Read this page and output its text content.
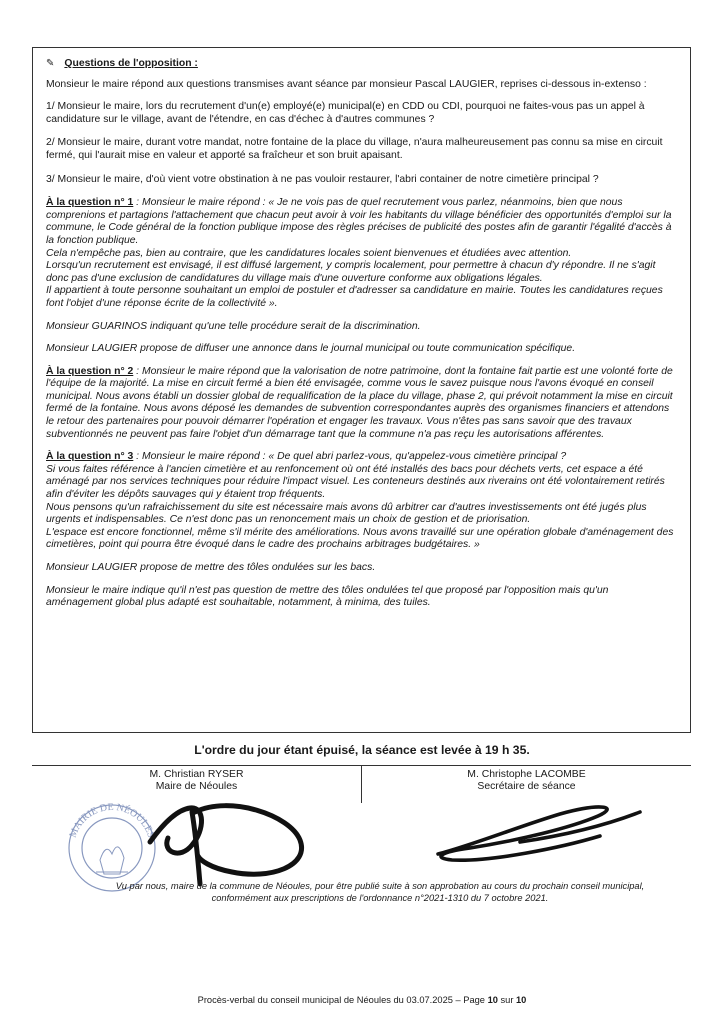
✎ Questions de l'opposition :

Monsieur le maire répond aux questions transmises avant séance par monsieur Pascal LAUGIER, reprises ci-dessous in-extenso :

1/ Monsieur le maire, lors du recrutement d'un(e) employé(e) municipal(e) en CDD ou CDI, pourquoi ne faites-vous pas un appel à candidature sur le village, avant de l'étendre, en cas d'échec à d'autres communes ?

2/ Monsieur le maire, durant votre mandat, notre fontaine de la place du village, n'aura malheureusement pas connu sa mise en circuit fermé, qui l'aurait mise en valeur et apporté sa fraîcheur et son bruit apaisant.

3/ Monsieur le maire, d'où vient votre obstination à ne pas vouloir restaurer, l'abri container de notre cimetière principal ?

À la question n° 1 : Monsieur le maire répond : « Je ne vois pas de quel recrutement vous parlez, néanmoins, bien que nous comprenions et partagions l'attachement que chacun peut avoir à voir les habitants du village bénéficier des opportunités d'emploi sur la commune, le Code général de la fonction publique impose des règles précises de publicité des postes afin de garantir l'égalité d'accès à la fonction publique.

Cela n'empêche pas, bien au contraire, que les candidatures locales soient bienvenues et étudiées avec attention.

Lorsqu'un recrutement est envisagé, il est diffusé largement, y compris localement, pour permettre à chacun d'y répondre. Il ne s'agit donc pas d'une exclusion de candidatures du village mais d'une ouverture conforme aux obligations légales.

Il appartient à toute personne souhaitant un emploi de postuler et d'adresser sa candidature en mairie. Toutes les candidatures reçues font l'objet d'une réponse écrite de la collectivité ».

Monsieur GUARINOS indiquant qu'une telle procédure serait de la discrimination.

Monsieur LAUGIER propose de diffuser une annonce dans le journal municipal ou toute communication spécifique.

À la question n° 2 : Monsieur le maire répond que la valorisation de notre patrimoine, dont la fontaine fait partie est une volonté forte de l'équipe de la majorité. La mise en circuit fermé a bien été envisagée, comme vous le savez puisque nous l'avons évoqué en conseil municipal. Nous avons établi un dossier global de requalification de la place du village, phase 2, qui prévoit notamment la mise en circuit fermé de la fontaine. Nous avons déposé les demandes de subvention correspondantes auprès des organismes financiers et attendons le retour des partenaires pour pouvoir démarrer l'opération et engager les travaux. Vous n'êtes pas sans savoir que des travaux subventionnés ne peuvent pas faire l'objet d'un démarrage tant que la commune n'a pas reçu les autorisations afférentes.

À la question n° 3 : Monsieur le maire répond : « De quel abri parlez-vous, qu'appelez-vous cimetière principal ?

Si vous faites référence à l'ancien cimetière et au renfoncement où ont été installés des bacs pour déchets verts, cet espace a été aménagé par nos services techniques pour réduire l'impact visuel. Les conteneurs destinés aux riverains ont été volontairement retirés afin d'éviter les dépôts sauvages qui y étaient trop fréquents.

Nous pensons qu'un rafraichissement du site est nécessaire mais avons dû arbitrer car d'autres investissements ont été jugés plus urgents et indispensables. Ce n'est donc pas un renoncement mais un choix de gestion et de priorisation.

L'espace est encore fonctionnel, même s'il mérite des améliorations. Nous avons travaillé sur une opération globale d'aménagement des cimetières, point qui pourra être évoqué dans le cadre des prochains arbitrages budgétaires. »

Monsieur LAUGIER propose de mettre des tôles ondulées sur les bacs.

Monsieur le maire indique qu'il n'est pas question de mettre des tôles ondulées tel que proposé par l'opposition mais qu'un aménagement global plus adapté est souhaitable, notamment, à minima, des tuiles.

L'ordre du jour étant épuisé, la séance est levée à 19 h 35.
M. Christian RYSER
Maire de Néoules
M. Christophe LACOMBE
Secrétaire de séance
MAIRIE DE NÉOULES
Vu par nous, maire de la commune de Néoules, pour être publié suite à son approbation au cours du prochain conseil municipal, conformément aux prescriptions de l'ordonnance n°2021-1310 du 7 octobre 2021.
Procès-verbal du conseil municipal de Néoules du 03.07.2025 – Page 10 sur 10
